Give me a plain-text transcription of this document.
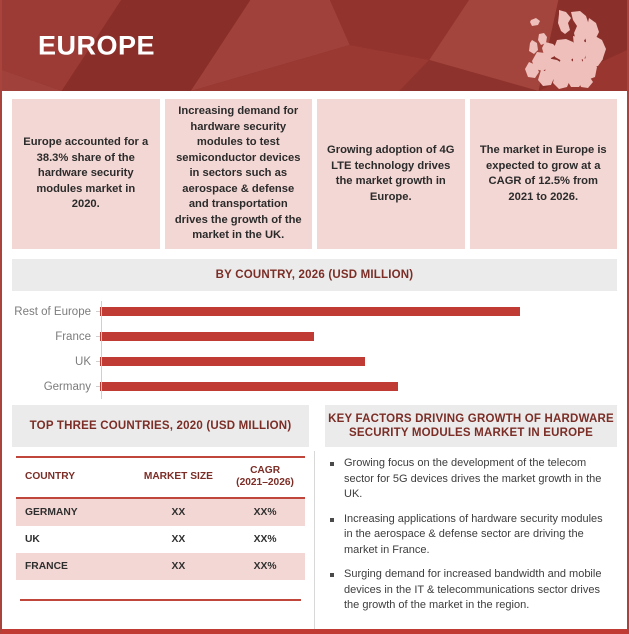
EUROPE
Europe accounted for a 38.3% share of the hardware security modules market in 2020.
Increasing demand for hardware security modules to test semiconductor devices in sectors such as aerospace & defense and transportation drives the growth of the market in the UK.
Growing adoption of 4G LTE technology drives the market growth in Europe.
The market in Europe is expected to grow at a CAGR of 12.5% from 2021 to 2026.
BY COUNTRY, 2026 (USD MILLION)
Rest of Europe
France
UK
Germany
TOP THREE COUNTRIES, 2020 (USD MILLION)
COUNTRY	MARKET SIZE	CAGR
(2021–2026)
GERMANY	XX	XX%
UK	XX	XX%
FRANCE	XX	XX%
KEY FACTORS DRIVING GROWTH OF HARDWARE
SECURITY MODULES MARKET IN EUROPE
Growing focus on the development of the telecom sector for 5G devices drives the market growth in the UK.
Increasing applications of hardware security modules in the aerospace & defense sector are driving the market in France.
Surging demand for increased bandwidth and mobile devices in the IT & telecommunications sector drives the growth of the market in the region.
